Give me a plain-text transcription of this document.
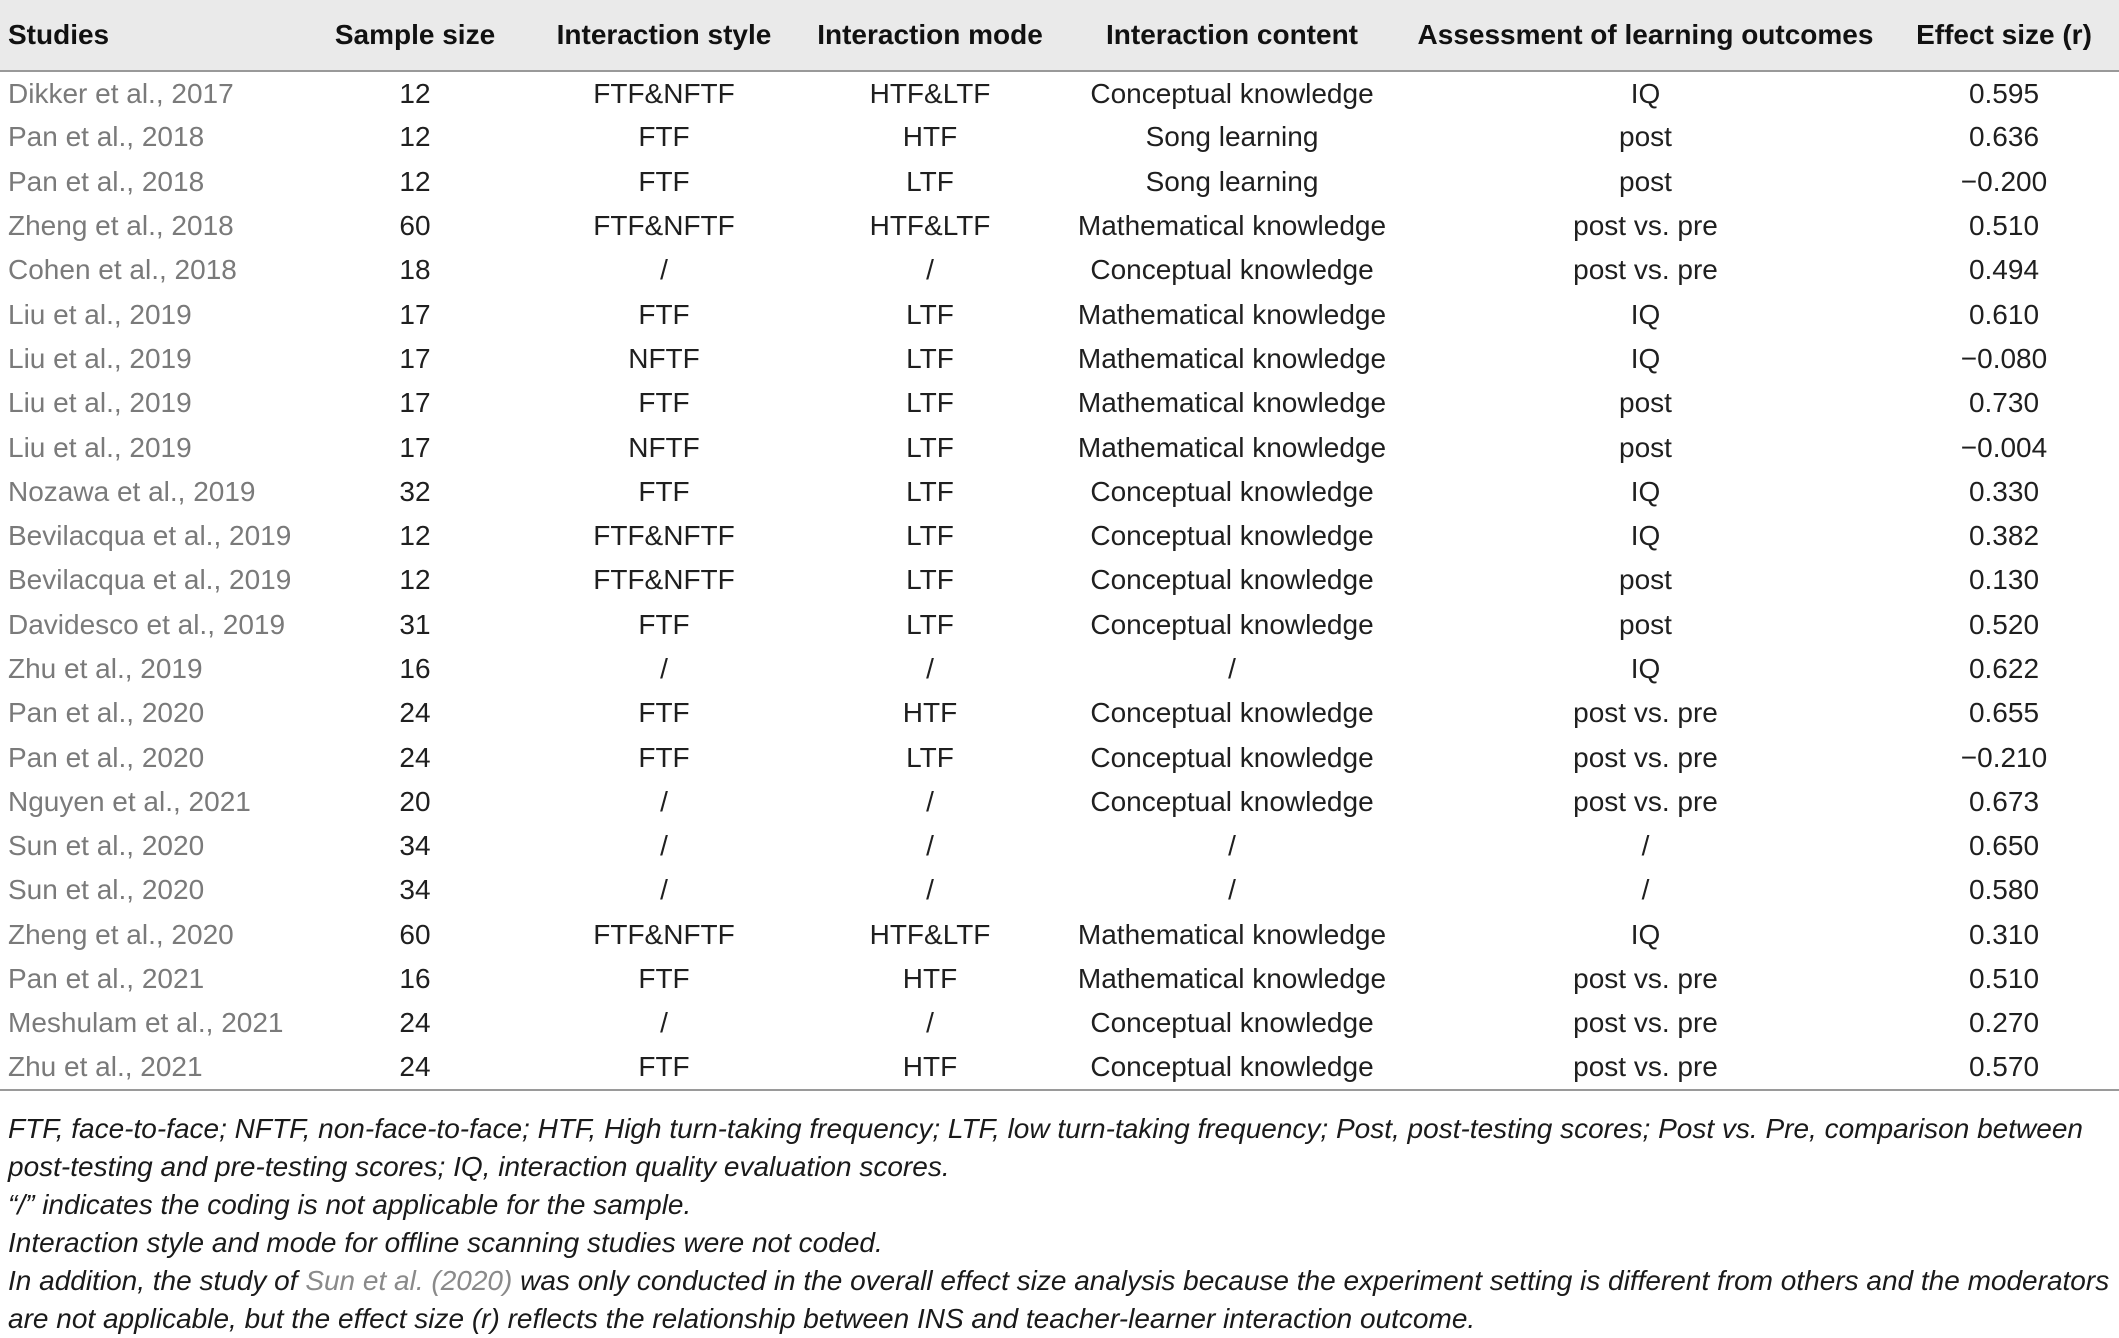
Studies	Sample size	Interaction style	Interaction mode	Interaction content	Assessment of learning outcomes	Effect size (r)
Dikker et al., 2017	12	FTF&NFTF	HTF&LTF	Conceptual knowledge	IQ	0.595
Pan et al., 2018	12	FTF	HTF	Song learning	post	0.636
Pan et al., 2018	12	FTF	LTF	Song learning	post	−0.200
Zheng et al., 2018	60	FTF&NFTF	HTF&LTF	Mathematical knowledge	post vs. pre	0.510
Cohen et al., 2018	18	/	/	Conceptual knowledge	post vs. pre	0.494
Liu et al., 2019	17	FTF	LTF	Mathematical knowledge	IQ	0.610
Liu et al., 2019	17	NFTF	LTF	Mathematical knowledge	IQ	−0.080
Liu et al., 2019	17	FTF	LTF	Mathematical knowledge	post	0.730
Liu et al., 2019	17	NFTF	LTF	Mathematical knowledge	post	−0.004
Nozawa et al., 2019	32	FTF	LTF	Conceptual knowledge	IQ	0.330
Bevilacqua et al., 2019	12	FTF&NFTF	LTF	Conceptual knowledge	IQ	0.382
Bevilacqua et al., 2019	12	FTF&NFTF	LTF	Conceptual knowledge	post	0.130
Davidesco et al., 2019	31	FTF	LTF	Conceptual knowledge	post	0.520
Zhu et al., 2019	16	/	/	/	IQ	0.622
Pan et al., 2020	24	FTF	HTF	Conceptual knowledge	post vs. pre	0.655
Pan et al., 2020	24	FTF	LTF	Conceptual knowledge	post vs. pre	−0.210
Nguyen et al., 2021	20	/	/	Conceptual knowledge	post vs. pre	0.673
Sun et al., 2020	34	/	/	/	/	0.650
Sun et al., 2020	34	/	/	/	/	0.580
Zheng et al., 2020	60	FTF&NFTF	HTF&LTF	Mathematical knowledge	IQ	0.310
Pan et al., 2021	16	FTF	HTF	Mathematical knowledge	post vs. pre	0.510
Meshulam et al., 2021	24	/	/	Conceptual knowledge	post vs. pre	0.270
Zhu et al., 2021	24	FTF	HTF	Conceptual knowledge	post vs. pre	0.570

FTF, face-to-face; NFTF, non-face-to-face; HTF, High turn-taking frequency; LTF, low turn-taking frequency; Post, post-testing scores; Post vs. Pre, comparison between post-testing and pre-testing scores; IQ, interaction quality evaluation scores.

“/” indicates the coding is not applicable for the sample.

Interaction style and mode for offline scanning studies were not coded.

In addition, the study of Sun et al. (2020) was only conducted in the overall effect size analysis because the experiment setting is different from others and the moderators are not applicable, but the effect size (r) reflects the relationship between INS and teacher-learner interaction outcome.
